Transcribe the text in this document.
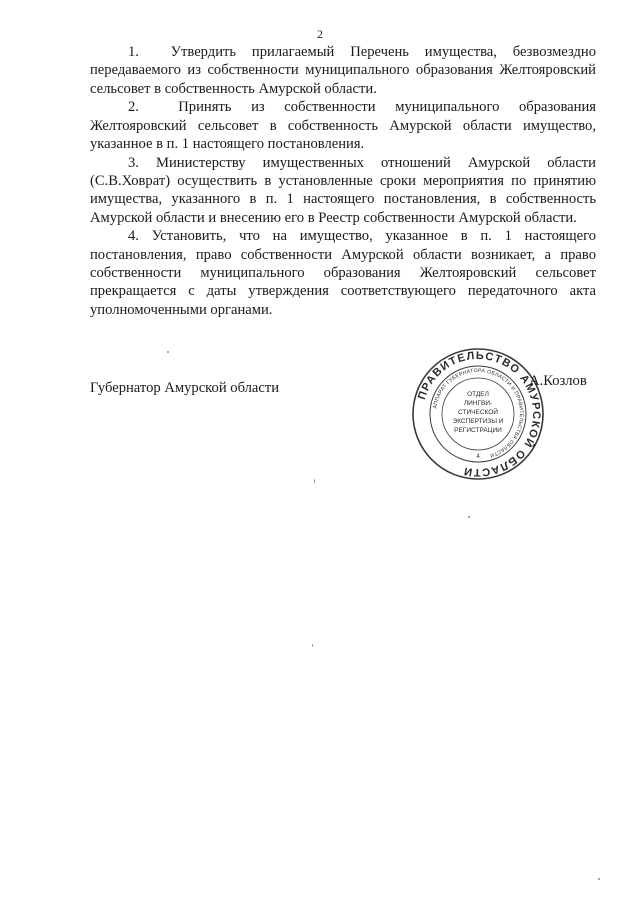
2

1.  Утвердить прилагаемый Перечень имущества, безвозмездно передаваемого из собственности муниципального образования Желтояровский сельсовет в собственность Амурской области.

2.  Принять из собственности муниципального образования Желтояровский сельсовет в собственность Амурской области имущество, указанное в п. 1 настоящего постановления.

3. Министерству имущественных отношений Амурской области (С.В.Ховрат) осуществить в установленные сроки мероприятия по принятию имущества, указанного в п. 1 настоящего постановления, в собственность Амурской области и внесению его в Реестр собственности Амурской области.

4. Установить, что на имущество, указанное в п. 1 настоящего постановления, право собственности Амурской области возникает, а право собственности муниципального образования Желтояровский сельсовет прекращается с даты утверждения соответствующего передаточного акта уполномоченными органами.

Губернатор Амурской области	ПРАВИТЕЛЬСТВО АМУРСКОЙ ОБЛАСТИ
АППАРАТ ГУБЕРНАТОРА ОБЛАСТИ И ПРАВИТЕЛЬСТВА ОБЛАСТИ
ОТДЕЛ
ЛИНГВИ-
СТИЧЕСКОЙ
ЭКСПЕРТИЗЫ И
РЕГИСТРАЦИИ
4
А.Козлов
